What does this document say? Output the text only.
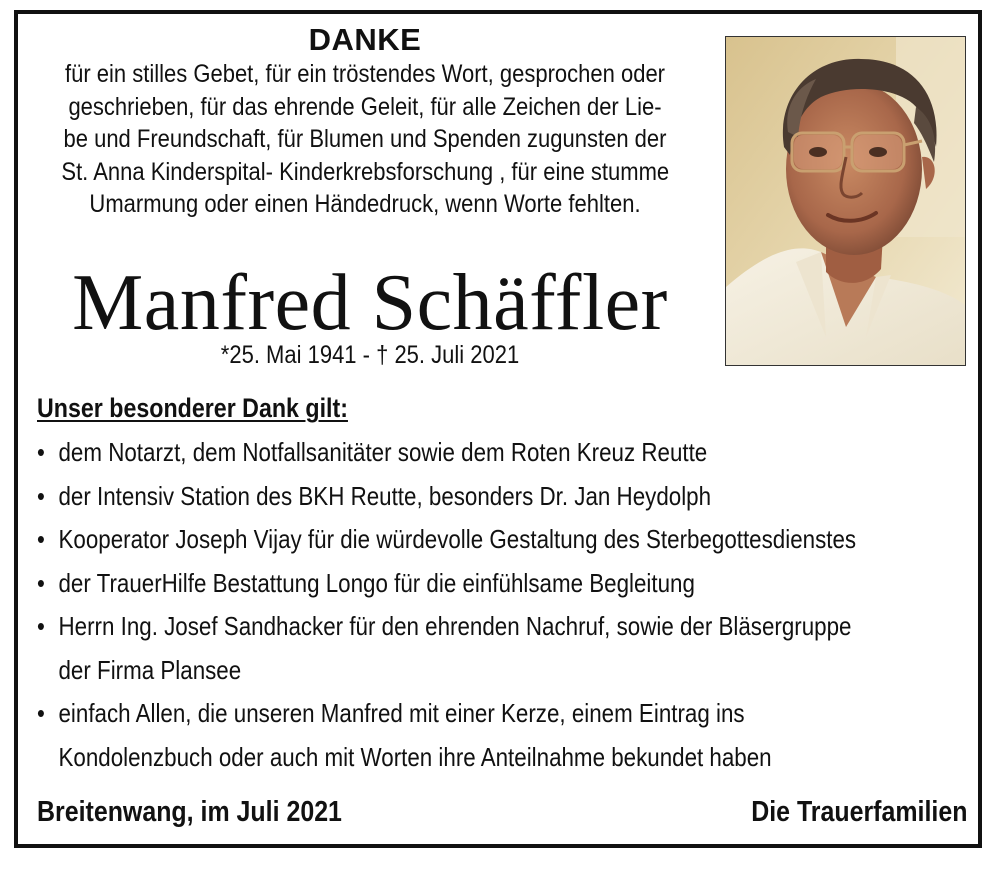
DANKE
für ein stilles Gebet, für ein tröstendes Wort, gesprochen oder
geschrieben, für das ehrende Geleit, für alle Zeichen der Lie-
be und Freundschaft, für Blumen und Spenden zugunsten der
St. Anna Kinderspital- Kinderkrebsforschung , für eine stumme
Umarmung oder einen Händedruck, wenn Worte fehlten.
Manfred Schäffler
*25. Mai 1941 - † 25. Juli 2021
Unser besonderer Dank gilt:
• dem Notarzt, dem Notfallsanitäter sowie dem Roten Kreuz Reutte
• der Intensiv Station des BKH Reutte, besonders Dr. Jan Heydolph
• Kooperator Joseph Vijay für die würdevolle Gestaltung des Sterbegottesdienstes
• der TrauerHilfe Bestattung Longo für die einfühlsame Begleitung
• Herrn Ing. Josef Sandhacker für den ehrenden Nachruf, sowie der Bläsergruppe
der Firma Plansee
• einfach Allen, die unseren Manfred mit einer Kerze, einem Eintrag ins
Kondolenzbuch oder auch mit Worten ihre Anteilnahme bekundet haben
Breitenwang, im Juli 2021	Die Trauerfamilien
